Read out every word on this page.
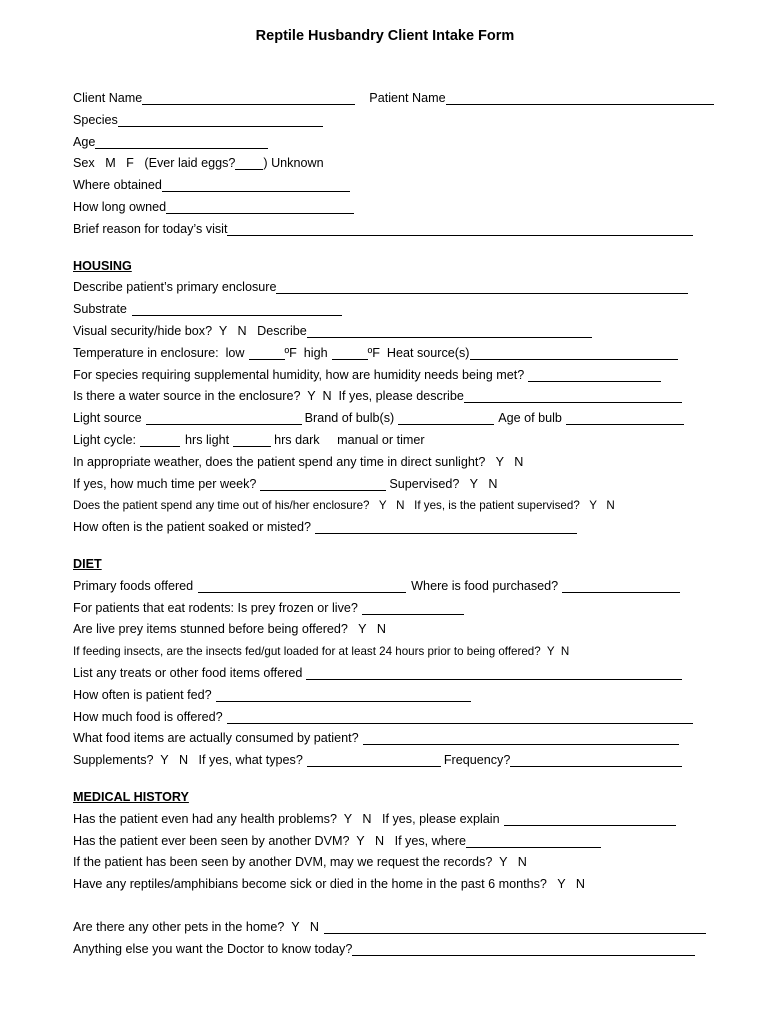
Reptile Husbandry Client Intake Form
Client Name	Patient Name
Species
Age
Sex   M   F   (Ever laid eggs? ) Unknown
Where obtained
How long owned
Brief reason for today’s visit
HOUSING
Describe patient’s primary enclosure
Substrate
Visual security/hide box?  Y   N   Describe
Temperature in enclosure:  low	ºF  high	ºF  Heat source(s)
For species requiring supplemental humidity, how are humidity needs being met?
Is there a water source in the enclosure?  Y  N  If yes, please describe
Light source	Brand of bulb(s)	Age of bulb
Light cycle:	hrs light	hrs dark     manual or timer
In appropriate weather, does the patient spend any time in direct sunlight?   Y   N
If yes, how much time per week?	Supervised?   Y   N
Does the patient spend any time out of his/her enclosure?   Y   N   If yes, is the patient supervised?   Y   N
How often is the patient soaked or misted?
DIET
Primary foods offered	Where is food purchased?
For patients that eat rodents: Is prey frozen or live?
Are live prey items stunned before being offered?   Y   N
If feeding insects, are the insects fed/gut loaded for at least 24 hours prior to being offered?  Y  N
List any treats or other food items offered
How often is patient fed?
How much food is offered?
What food items are actually consumed by patient?
Supplements?  Y   N   If yes, what types?	Frequency?
MEDICAL HISTORY
Has the patient even had any health problems?  Y   N   If yes, please explain
Has the patient ever been seen by another DVM?  Y   N   If yes, where
If the patient has been seen by another DVM, may we request the records?  Y   N
Have any reptiles/amphibians become sick or died in the home in the past 6 months?   Y   N
Are there any other pets in the home?  Y   N
Anything else you want the Doctor to know today?
